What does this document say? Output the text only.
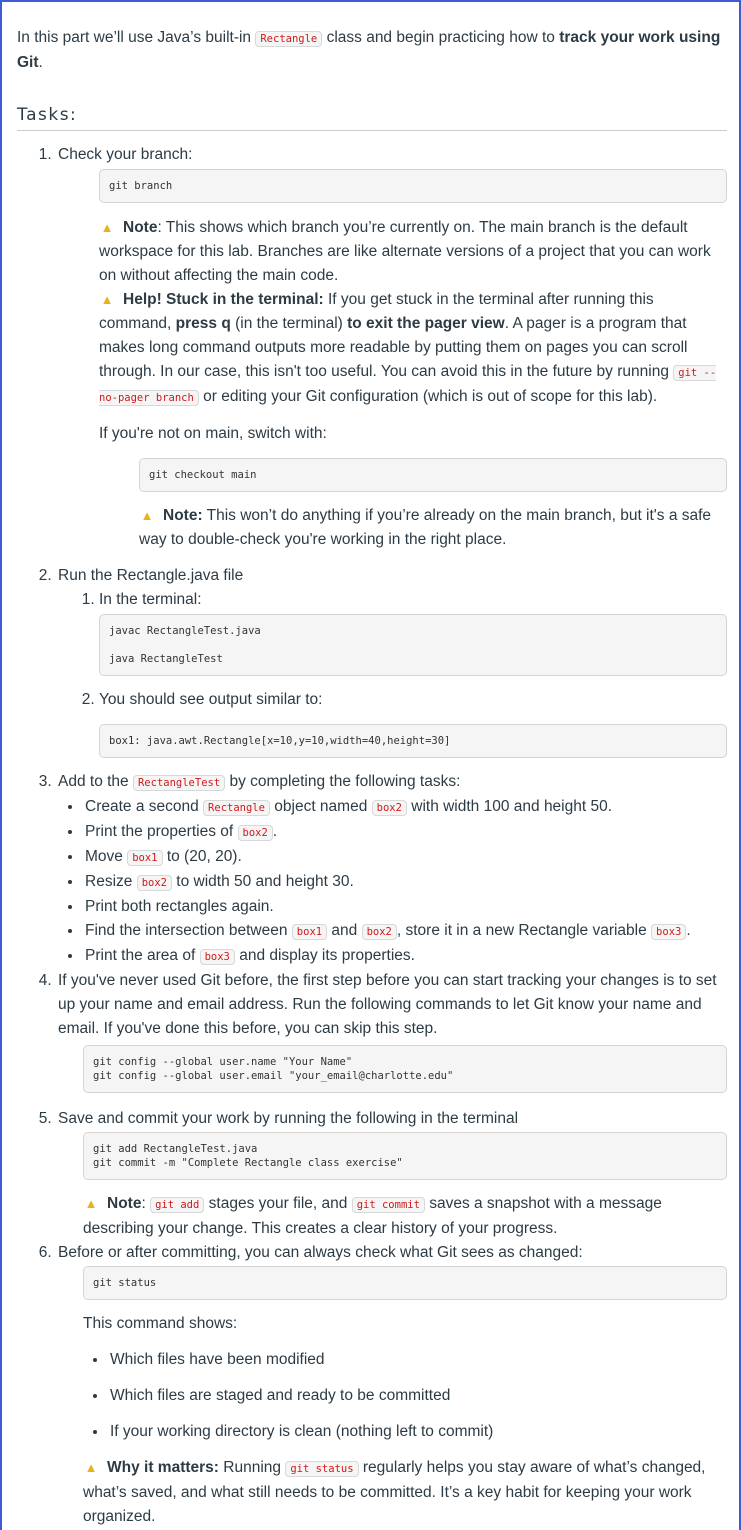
In this part we’ll use Java’s built-in Rectangle class and begin practicing how to track your work using Git.

Tasks:
1. Check your branch:
git branch

▲ Note: This shows which branch you’re currently on. The main branch is the default workspace for this lab. Branches are like alternate versions of a project that you can work on without affecting the main code.

▲ Help! Stuck in the terminal: If you get stuck in the terminal after running this command, press q (in the terminal) to exit the pager view. A pager is a program that makes long command outputs more readable by putting them on pages you can scroll through. In our case, this isn't too useful. You can avoid this in the future by running git --no-pager branch or editing your Git configuration (which is out of scope for this lab).

If you're not on main, switch with:

git checkout main

▲ Note: This won’t do anything if you’re already on the main branch, but it's a safe way to double-check you're working in the right place.

2. Run the Rectangle.java file
1. In the terminal:
javac RectangleTest.java
java RectangleTest
2. You should see output similar to:
box1: java.awt.Rectangle[x=10,y=10,width=40,height=30]
3. Add to the RectangleTest by completing the following tasks:
• Create a second Rectangle object named box2 with width 100 and height 50.
• Print the properties of box2 .
• Move box1 to (20, 20).
• Resize box2 to width 50 and height 30.
• Print both rectangles again.
• Find the intersection between box1 and box2 , store it in a new Rectangle variable box3 .
• Print the area of box3 and display its properties.
4. If you've never used Git before, the first step before you can start tracking your changes is to set up your name and email address. Run the following commands to let Git know your name and email. If you've done this before, you can skip this step.
git config --global user.name "Your Name"
git config --global user.email "your_email@charlotte.edu"
5. Save and commit your work by running the following in the terminal
git add RectangleTest.java
git commit -m "Complete Rectangle class exercise"

▲ Note: git add stages your file, and git commit saves a snapshot with a message describing your change. This creates a clear history of your progress.

6. Before or after committing, you can always check what Git sees as changed:
git status

This command shows:

• Which files have been modified
• Which files are staged and ready to be committed
• If your working directory is clean (nothing left to commit)

▲ Why it matters: Running git status regularly helps you stay aware of what’s changed, what’s saved, and what still needs to be committed. It’s a key habit for keeping your work organized.
